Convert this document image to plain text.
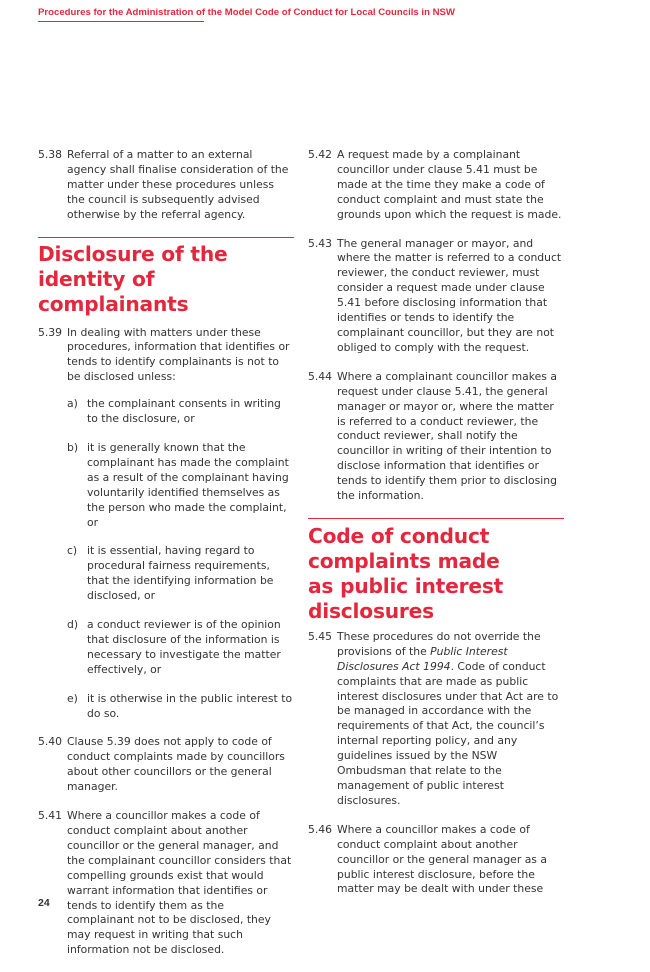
Procedures for the Administration of the Model Code of Conduct for Local Councils in NSW
5.38 Referral of a matter to an external agency shall finalise consideration of the matter under these procedures unless the council is subsequently advised otherwise by the referral agency.
Disclosure of the
identity of complainants
5.39 In dealing with matters under these procedures, information that identifies or tends to identify complainants is not to be disclosed unless:
a) the complainant consents in writing to the disclosure, or
b) it is generally known that the complainant has made the complaint as a result of the complainant having voluntarily identified themselves as the person who made the complaint, or
c) it is essential, having regard to procedural fairness requirements, that the identifying information be disclosed, or
d) a conduct reviewer is of the opinion that disclosure of the information is necessary to investigate the matter effectively, or
e) it is otherwise in the public interest to do so.
5.40 Clause 5.39 does not apply to code of conduct complaints made by councillors about other councillors or the general manager.
5.41 Where a councillor makes a code of conduct complaint about another councillor or the general manager, and the complainant councillor considers that compelling grounds exist that would warrant information that identifies or tends to identify them as the complainant not to be disclosed, they may request in writing that such information not be disclosed.
5.42 A request made by a complainant councillor under clause 5.41 must be made at the time they make a code of conduct complaint and must state the grounds upon which the request is made.
5.43 The general manager or mayor, and where the matter is referred to a conduct reviewer, the conduct reviewer, must consider a request made under clause 5.41 before disclosing information that identifies or tends to identify the complainant councillor, but they are not obliged to comply with the request.
5.44 Where a complainant councillor makes a request under clause 5.41, the general manager or mayor or, where the matter is referred to a conduct reviewer, the conduct reviewer, shall notify the councillor in writing of their intention to disclose information that identifies or tends to identify them prior to disclosing the information.
Code of conduct
complaints made
as public interest
disclosures
5.45 These procedures do not override the provisions of the Public Interest Disclosures Act 1994. Code of conduct complaints that are made as public interest disclosures under that Act are to be managed in accordance with the requirements of that Act, the council’s internal reporting policy, and any guidelines issued by the NSW Ombudsman that relate to the management of public interest disclosures.
5.46 Where a councillor makes a code of conduct complaint about another councillor or the general manager as a public interest disclosure, before the matter may be dealt with under these
24
